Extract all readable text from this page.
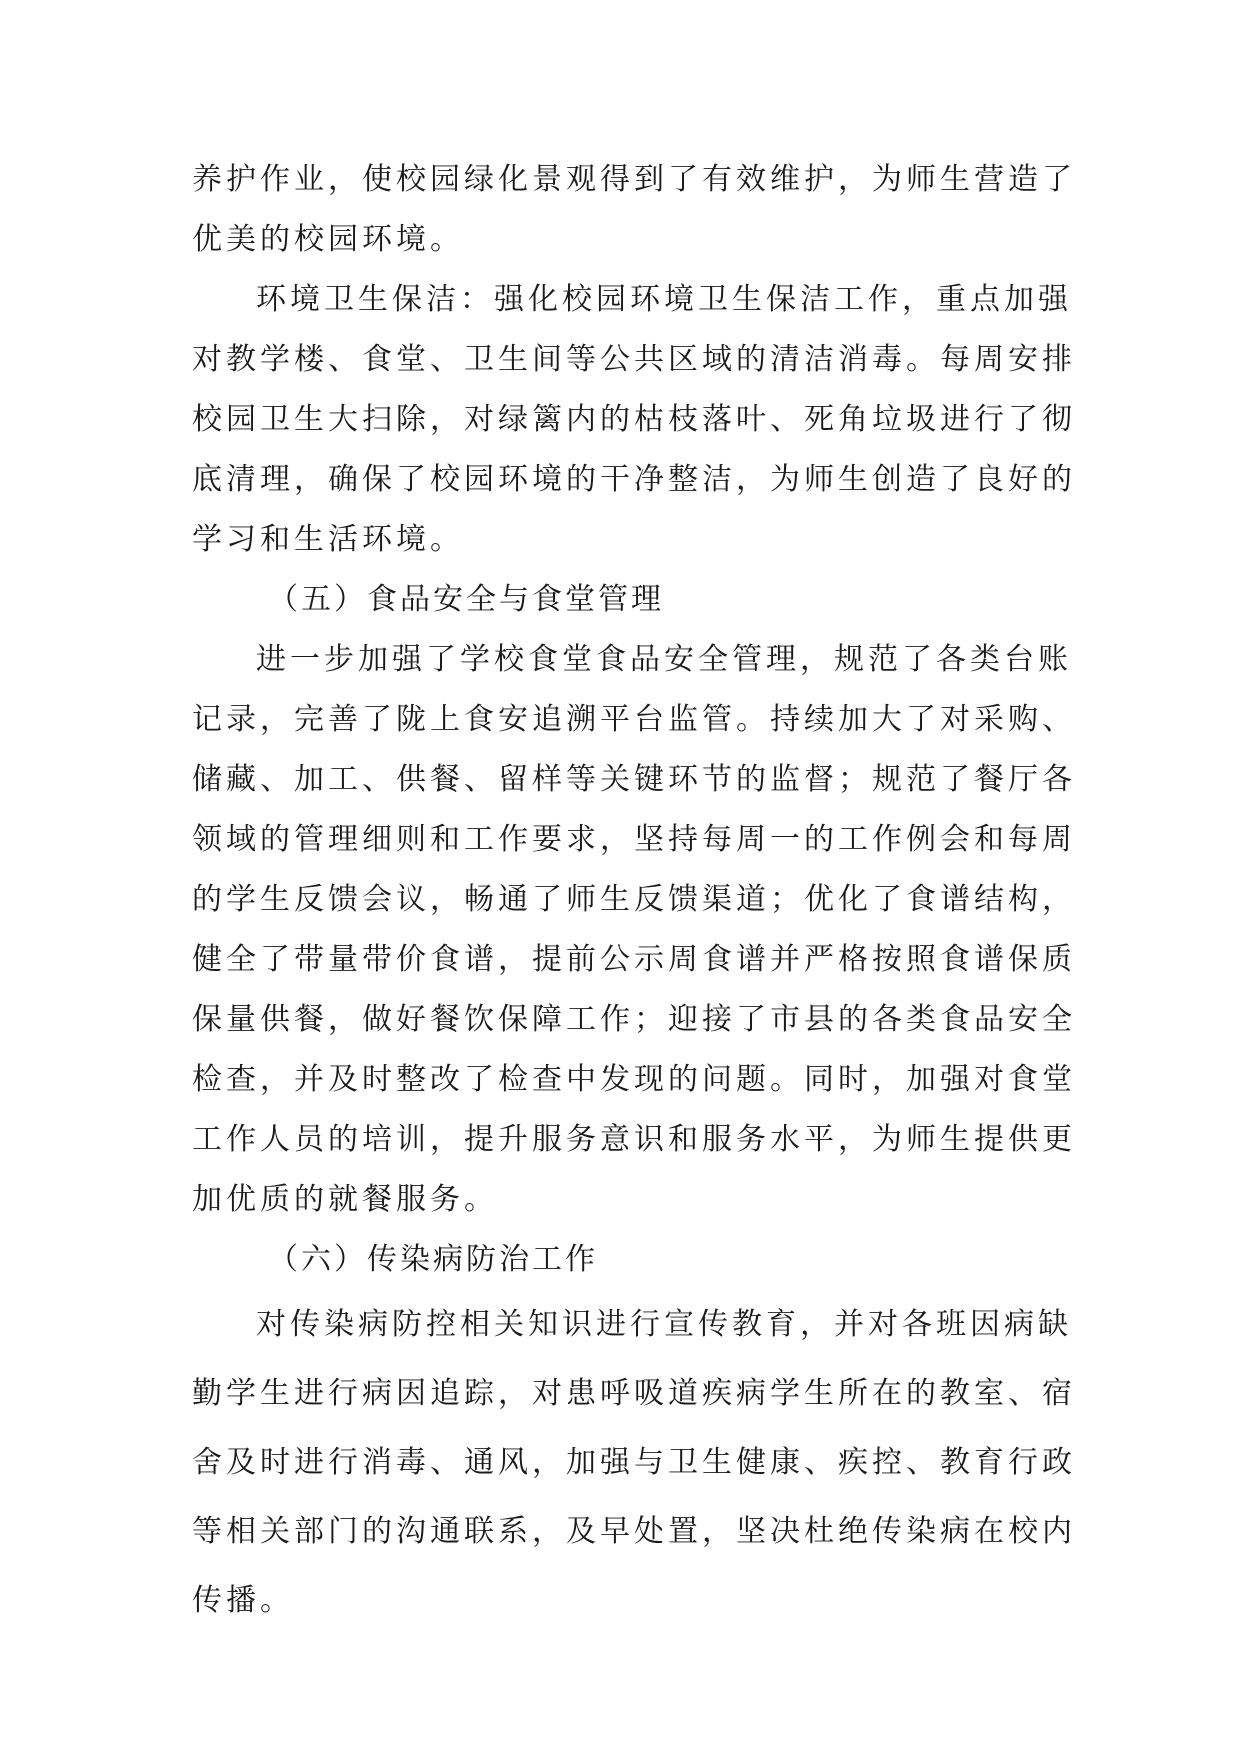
养护作业，使校园绿化景观得到了有效维护，为师生营造了
优美的校园环境。
环境卫生保洁：强化校园环境卫生保洁工作，重点加强
对教学楼、食堂、卫生间等公共区域的清洁消毒。每周安排
校园卫生大扫除，对绿篱内的枯枝落叶、死角垃圾进行了彻
底清理，确保了校园环境的干净整洁，为师生创造了良好的
学习和生活环境。
（五）食品安全与食堂管理
进一步加强了学校食堂食品安全管理，规范了各类台账
记录，完善了陇上食安追溯平台监管。持续加大了对采购、
储藏、加工、供餐、留样等关键环节的监督；规范了餐厅各
领域的管理细则和工作要求，坚持每周一的工作例会和每周
的学生反馈会议，畅通了师生反馈渠道；优化了食谱结构，
健全了带量带价食谱，提前公示周食谱并严格按照食谱保质
保量供餐，做好餐饮保障工作；迎接了市县的各类食品安全
检查，并及时整改了检查中发现的问题。同时，加强对食堂
工作人员的培训，提升服务意识和服务水平，为师生提供更
加优质的就餐服务。
（六）传染病防治工作
对传染病防控相关知识进行宣传教育，并对各班因病缺
勤学生进行病因追踪，对患呼吸道疾病学生所在的教室、宿
舍及时进行消毒、通风，加强与卫生健康、疾控、教育行政
等相关部门的沟通联系，及早处置，坚决杜绝传染病在校内
传播。
